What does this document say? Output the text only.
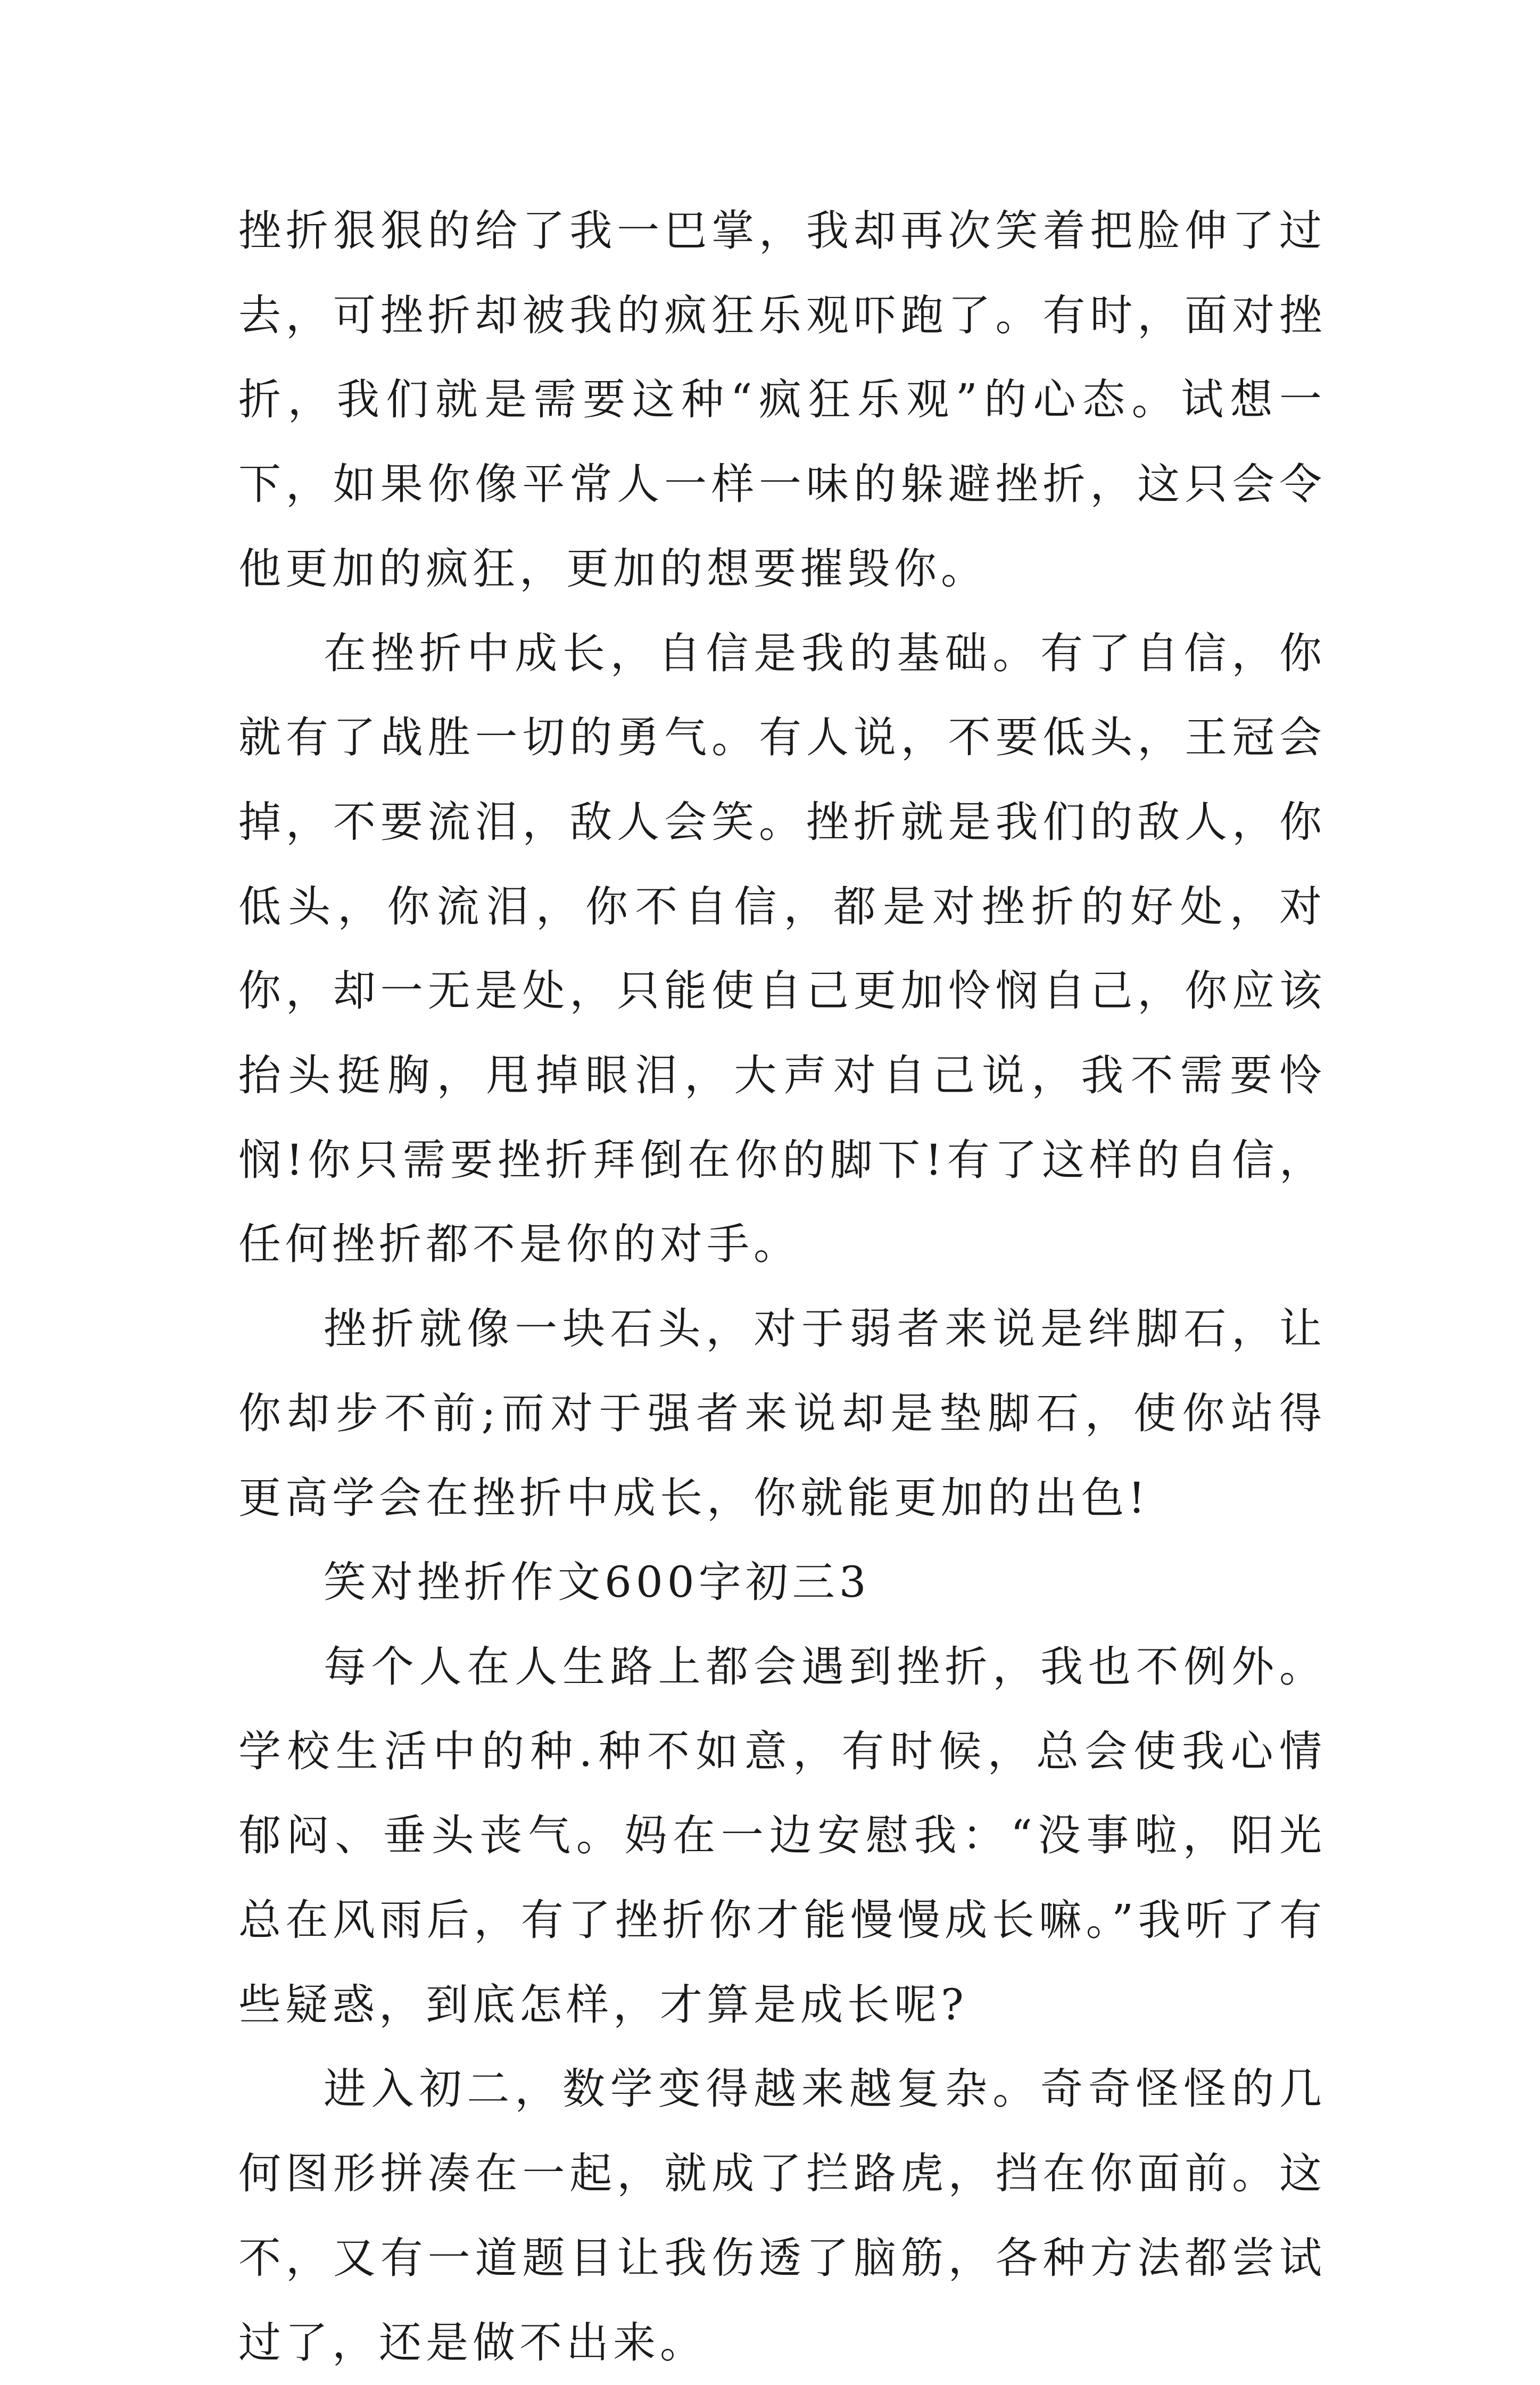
挫折狠狠的给了我一巴掌，我却再次笑着把脸伸了过去，可挫折却被我的疯狂乐观吓跑了。有时，面对挫折，我们就是需要这种“疯狂乐观”的心态。试想一下，如果你像平常人一样一味的躲避挫折，这只会令他更加的疯狂，更加的想要摧毁你。

在挫折中成长，自信是我的基础。有了自信，你就有了战胜一切的勇气。有人说，不要低头，王冠会掉，不要流泪，敌人会笑。挫折就是我们的敌人，你低头，你流泪，你不自信，都是对挫折的好处，对你，却一无是处，只能使自己更加怜悯自己，你应该抬头挺胸，甩掉眼泪，大声对自己说，我不需要怜悯!你只需要挫折拜倒在你的脚下!有了这样的自信，任何挫折都不是你的对手。

挫折就像一块石头，对于弱者来说是绊脚石，让你却步不前;而对于强者来说却是垫脚石，使你站得更高学会在挫折中成长，你就能更加的出色!

笑对挫折作文600字初三3

每个人在人生路上都会遇到挫折，我也不例外。学校生活中的种.种不如意，有时候，总会使我心情郁闷、垂头丧气。妈在一边安慰我：“没事啦，阳光总在风雨后，有了挫折你才能慢慢成长嘛。”我听了有些疑惑，到底怎样，才算是成长呢?

进入初二，数学变得越来越复杂。奇奇怪怪的几何图形拼凑在一起，就成了拦路虎，挡在你面前。这不，又有一道题目让我伤透了脑筋，各种方法都尝试过了，还是做不出来。
